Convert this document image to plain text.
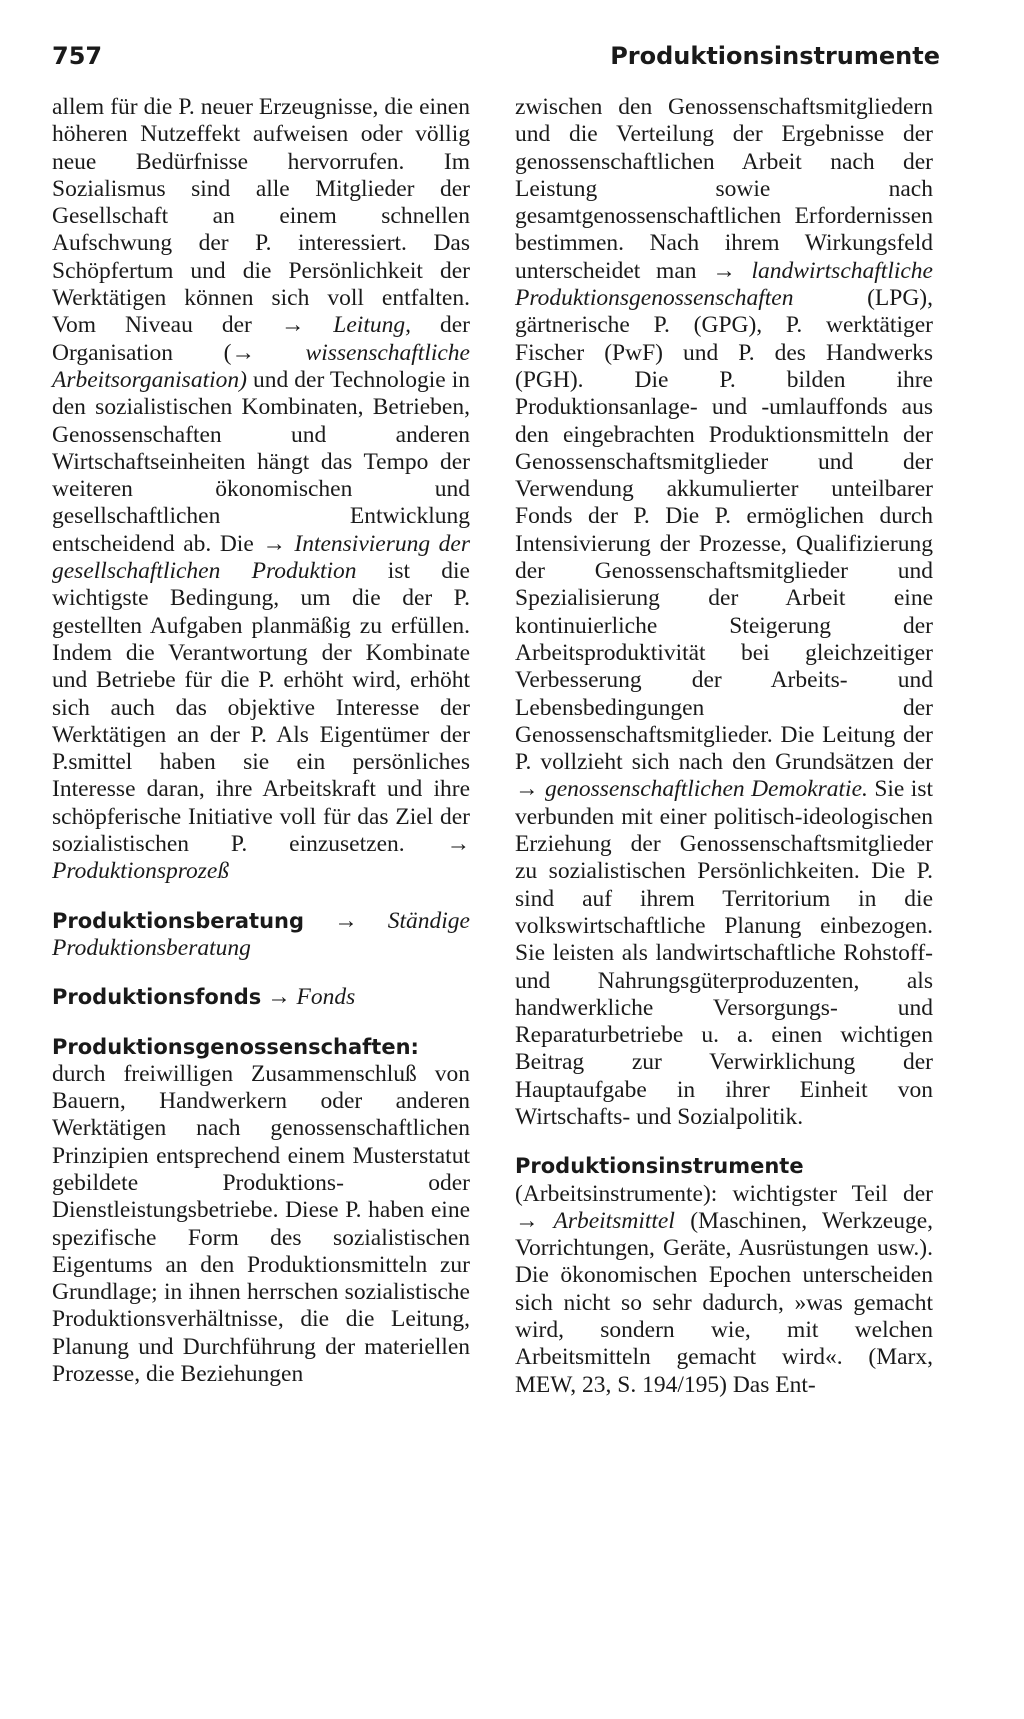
757	Produktionsinstrumente

allem für die P. neuer Erzeugnisse, die einen höheren Nutzeffekt aufweisen oder völlig neue Bedürfnisse hervorrufen. Im Sozialismus sind alle Mitglieder der Gesellschaft an einem schnellen Aufschwung der P. interessiert. Das Schöpfertum und die Persönlichkeit der Werktätigen können sich voll entfalten. Vom Niveau der → Leitung, der Organisation (→ wissenschaftliche Arbeitsorganisation) und der Technologie in den sozialistischen Kombinaten, Betrieben, Genossenschaften und anderen Wirtschaftseinheiten hängt das Tempo der weiteren ökonomischen und gesellschaftlichen Entwicklung entscheidend ab. Die → Intensivierung der gesellschaftlichen Produktion ist die wichtigste Bedingung, um die der P. gestellten Aufgaben planmäßig zu erfüllen. Indem die Verantwortung der Kombinate und Betriebe für die P. erhöht wird, erhöht sich auch das objektive Interesse der Werktätigen an der P. Als Eigentümer der P.smittel haben sie ein persönliches Interesse daran, ihre Arbeitskraft und ihre schöpferische Initiative voll für das Ziel der sozialistischen P. einzusetzen. → Produktionsprozeß

Produktionsberatung → Ständige Produktionsberatung

Produktionsfonds → Fonds

Produktionsgenossenschaften: durch freiwilligen Zusammenschluß von Bauern, Handwerkern oder anderen Werktätigen nach genossenschaftlichen Prinzipien entsprechend einem Musterstatut gebildete Produktions- oder Dienstleistungsbetriebe. Diese P. haben eine spezifische Form des sozialistischen Eigentums an den Produktionsmitteln zur Grundlage; in ihnen herrschen sozialistische Produktionsverhältnisse, die die Leitung, Planung und Durchführung der materiellen Prozesse, die Beziehungen

zwischen den Genossenschaftsmitgliedern und die Verteilung der Ergebnisse der genossenschaftlichen Arbeit nach der Leistung sowie nach gesamtgenossenschaftlichen Erfordernissen bestimmen. Nach ihrem Wirkungsfeld unterscheidet man → landwirtschaftliche Produktionsgenossenschaften (LPG), gärtnerische P. (GPG), P. werktätiger Fischer (PwF) und P. des Handwerks (PGH). Die P. bilden ihre Produktionsanlage- und -umlauffonds aus den eingebrachten Produktionsmitteln der Genossenschaftsmitglieder und der Verwendung akkumulierter unteilbarer Fonds der P. Die P. ermöglichen durch Intensivierung der Prozesse, Qualifizierung der Genossenschaftsmitglieder und Spezialisierung der Arbeit eine kontinuierliche Steigerung der Arbeitsproduktivität bei gleichzeitiger Verbesserung der Arbeits- und Lebensbedingungen der Genossenschaftsmitglieder. Die Leitung der P. vollzieht sich nach den Grundsätzen der → genossenschaftlichen Demokratie. Sie ist verbunden mit einer politisch-ideologischen Erziehung der Genossenschaftsmitglieder zu sozialistischen Persönlichkeiten. Die P. sind auf ihrem Territorium in die volkswirtschaftliche Planung einbezogen. Sie leisten als landwirtschaftliche Rohstoff- und Nahrungsgüterproduzenten, als handwerkliche Versorgungs- und Reparaturbetriebe u. a. einen wichtigen Beitrag zur Verwirklichung der Hauptaufgabe in ihrer Einheit von Wirtschafts- und Sozialpolitik.

Produktionsinstrumente (Arbeitsinstrumente): wichtigster Teil der → Arbeitsmittel (Maschinen, Werkzeuge, Vorrichtungen, Geräte, Ausrüstungen usw.). Die ökonomischen Epochen unterscheiden sich nicht so sehr dadurch, »was gemacht wird, sondern wie, mit welchen Arbeitsmitteln gemacht wird«. (Marx, MEW, 23, S. 194/195) Das Ent-
